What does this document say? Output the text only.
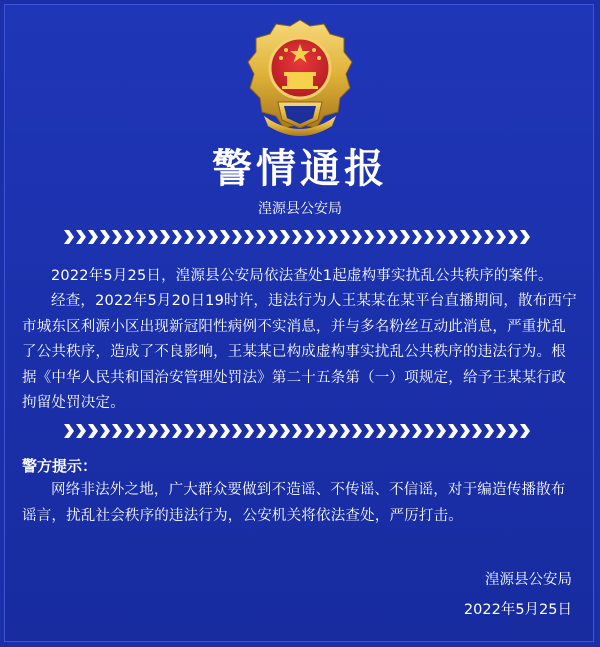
警情通报
湟源县公安局
2022年5月25日，湟源县公安局依法查处1起虚构事实扰乱公共秩序的案件。
经查，2022年5月20日19时许，违法行为人王某某在某平台直播期间，散布西宁市城东区利源小区出现新冠阳性病例不实消息，并与多名粉丝互动此消息，严重扰乱了公共秩序，造成了不良影响，王某某已构成虚构事实扰乱公共秩序的违法行为。根据《中华人民共和国治安管理处罚法》第二十五条第（一）项规定，给予王某某行政拘留处罚决定。
警方提示：
网络非法外之地，广大群众要做到不造谣、不传谣、不信谣，对于编造传播散布谣言，扰乱社会秩序的违法行为，公安机关将依法查处，严厉打击。
湟源县公安局
2022年5月25日
